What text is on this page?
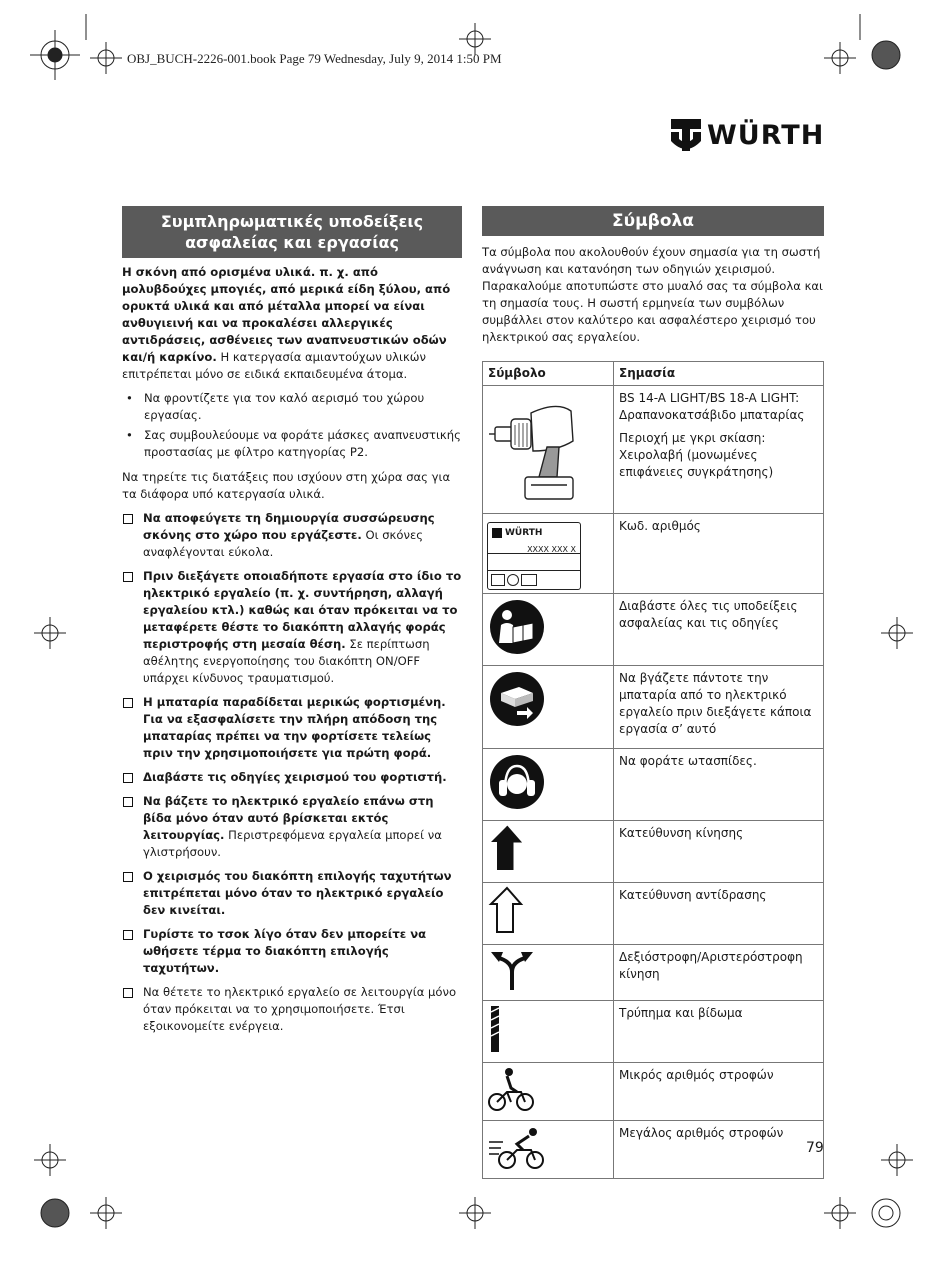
OBJ_BUCH-2226-001.book Page 79 Wednesday, July 9, 2014 1:50 PM
WÜRTH
Συμπληρωματικές υποδείξεις ασφαλείας και εργασίας

Η σκόνη από ορισμένα υλικά. π. χ. από μολυβδούχες μπογιές, από μερικά είδη ξύλου, από ορυκτά υλικά και από μέταλλα μπορεί να είναι ανθυγιεινή και να προκαλέσει αλλεργικές αντιδράσεις, ασθένειες των αναπνευστικών οδών και/ή καρκίνο. Η κατεργασία αμιαντούχων υλικών επιτρέπεται μόνο σε ειδικά εκπαιδευμένα άτομα.

• Να φροντίζετε για τον καλό αερισμό του χώρου εργασίας.
• Σας συμβουλεύουμε να φοράτε μάσκες αναπνευστικής προστασίας με φίλτρο κατηγορίας P2.

Να τηρείτε τις διατάξεις που ισχύουν στη χώρα σας για τα διάφορα υπό κατεργασία υλικά.

Να αποφεύγετε τη δημιουργία συσσώρευσης σκόνης στο χώρο που εργάζεστε. Οι σκόνες αναφλέγονται εύκολα.
Πριν διεξάγετε οποιαδήποτε εργασία στο ίδιο το ηλεκτρικό εργαλείο (π. χ. συντήρηση, αλλαγή εργαλείου κτλ.) καθώς και όταν πρόκειται να το μεταφέρετε θέστε το διακόπτη αλλαγής φοράς περιστροφής στη μεσαία θέση. Σε περίπτωση αθέλητης ενεργοποίησης του διακόπτη ON/OFF υπάρχει κίνδυνος τραυματισμού.
Η μπαταρία παραδίδεται μερικώς φορτισμένη. Για να εξασφαλίσετε την πλήρη απόδοση της μπαταρίας πρέπει να την φορτίσετε τελείως πριν την χρησιμοποιήσετε για πρώτη φορά.
Διαβάστε τις οδηγίες χειρισμού του φορτιστή.
Να βάζετε το ηλεκτρικό εργαλείο επάνω στη βίδα μόνο όταν αυτό βρίσκεται εκτός λειτουργίας. Περιστρεφόμενα εργαλεία μπορεί να γλιστρήσουν.
Ο χειρισμός του διακόπτη επιλογής ταχυτήτων επιτρέπεται μόνο όταν το ηλεκτρικό εργαλείο δεν κινείται.
Γυρίστε το τσοκ λίγο όταν δεν μπορείτε να ωθήσετε τέρμα το διακόπτη επιλογής ταχυτήτων.
Να θέτετε το ηλεκτρικό εργαλείο σε λειτουργία μόνο όταν πρόκειται να το χρησιμοποιήσετε. Έτσι εξοικονομείτε ενέργεια.
Σύμβολα

Τα σύμβολα που ακολουθούν έχουν σημασία για τη σωστή ανάγνωση και κατανόηση των οδηγιών χειρισμού. Παρακαλούμε αποτυπώστε στο μυαλό σας τα σύμβολα και τη σημασία τους. Η σωστή ερμηνεία των συμβόλων συμβάλλει στον καλύτερο και ασφαλέστερο χειρισμό του ηλεκτρικού σας εργαλείου.

Σύμβολο	Σημασία

BS 14-A LIGHT/BS 18-A LIGHT: Δραπανοκατσάβιδο μπαταρίας

Περιοχή με γκρι σκίαση: Χειρολαβή (μονωμένες επιφάνειες συγκράτησης)

WÜRTH
XXXX XXX X	Κωδ. αριθμός

Διαβάστε όλες τις υποδείξεις ασφαλείας και τις οδηγίες

Να βγάζετε πάντοτε την μπαταρία από το ηλεκτρικό εργαλείο πριν διεξάγετε κάποια εργασία σ’ αυτό

Να φοράτε ωτασπίδες.

Κατεύθυνση κίνησης

Κατεύθυνση αντίδρασης

Δεξιόστροφη/Αριστερόστροφη κίνηση

Τρύπημα και βίδωμα

Μικρός αριθμός στροφών

Μεγάλος αριθμός στροφών

79
